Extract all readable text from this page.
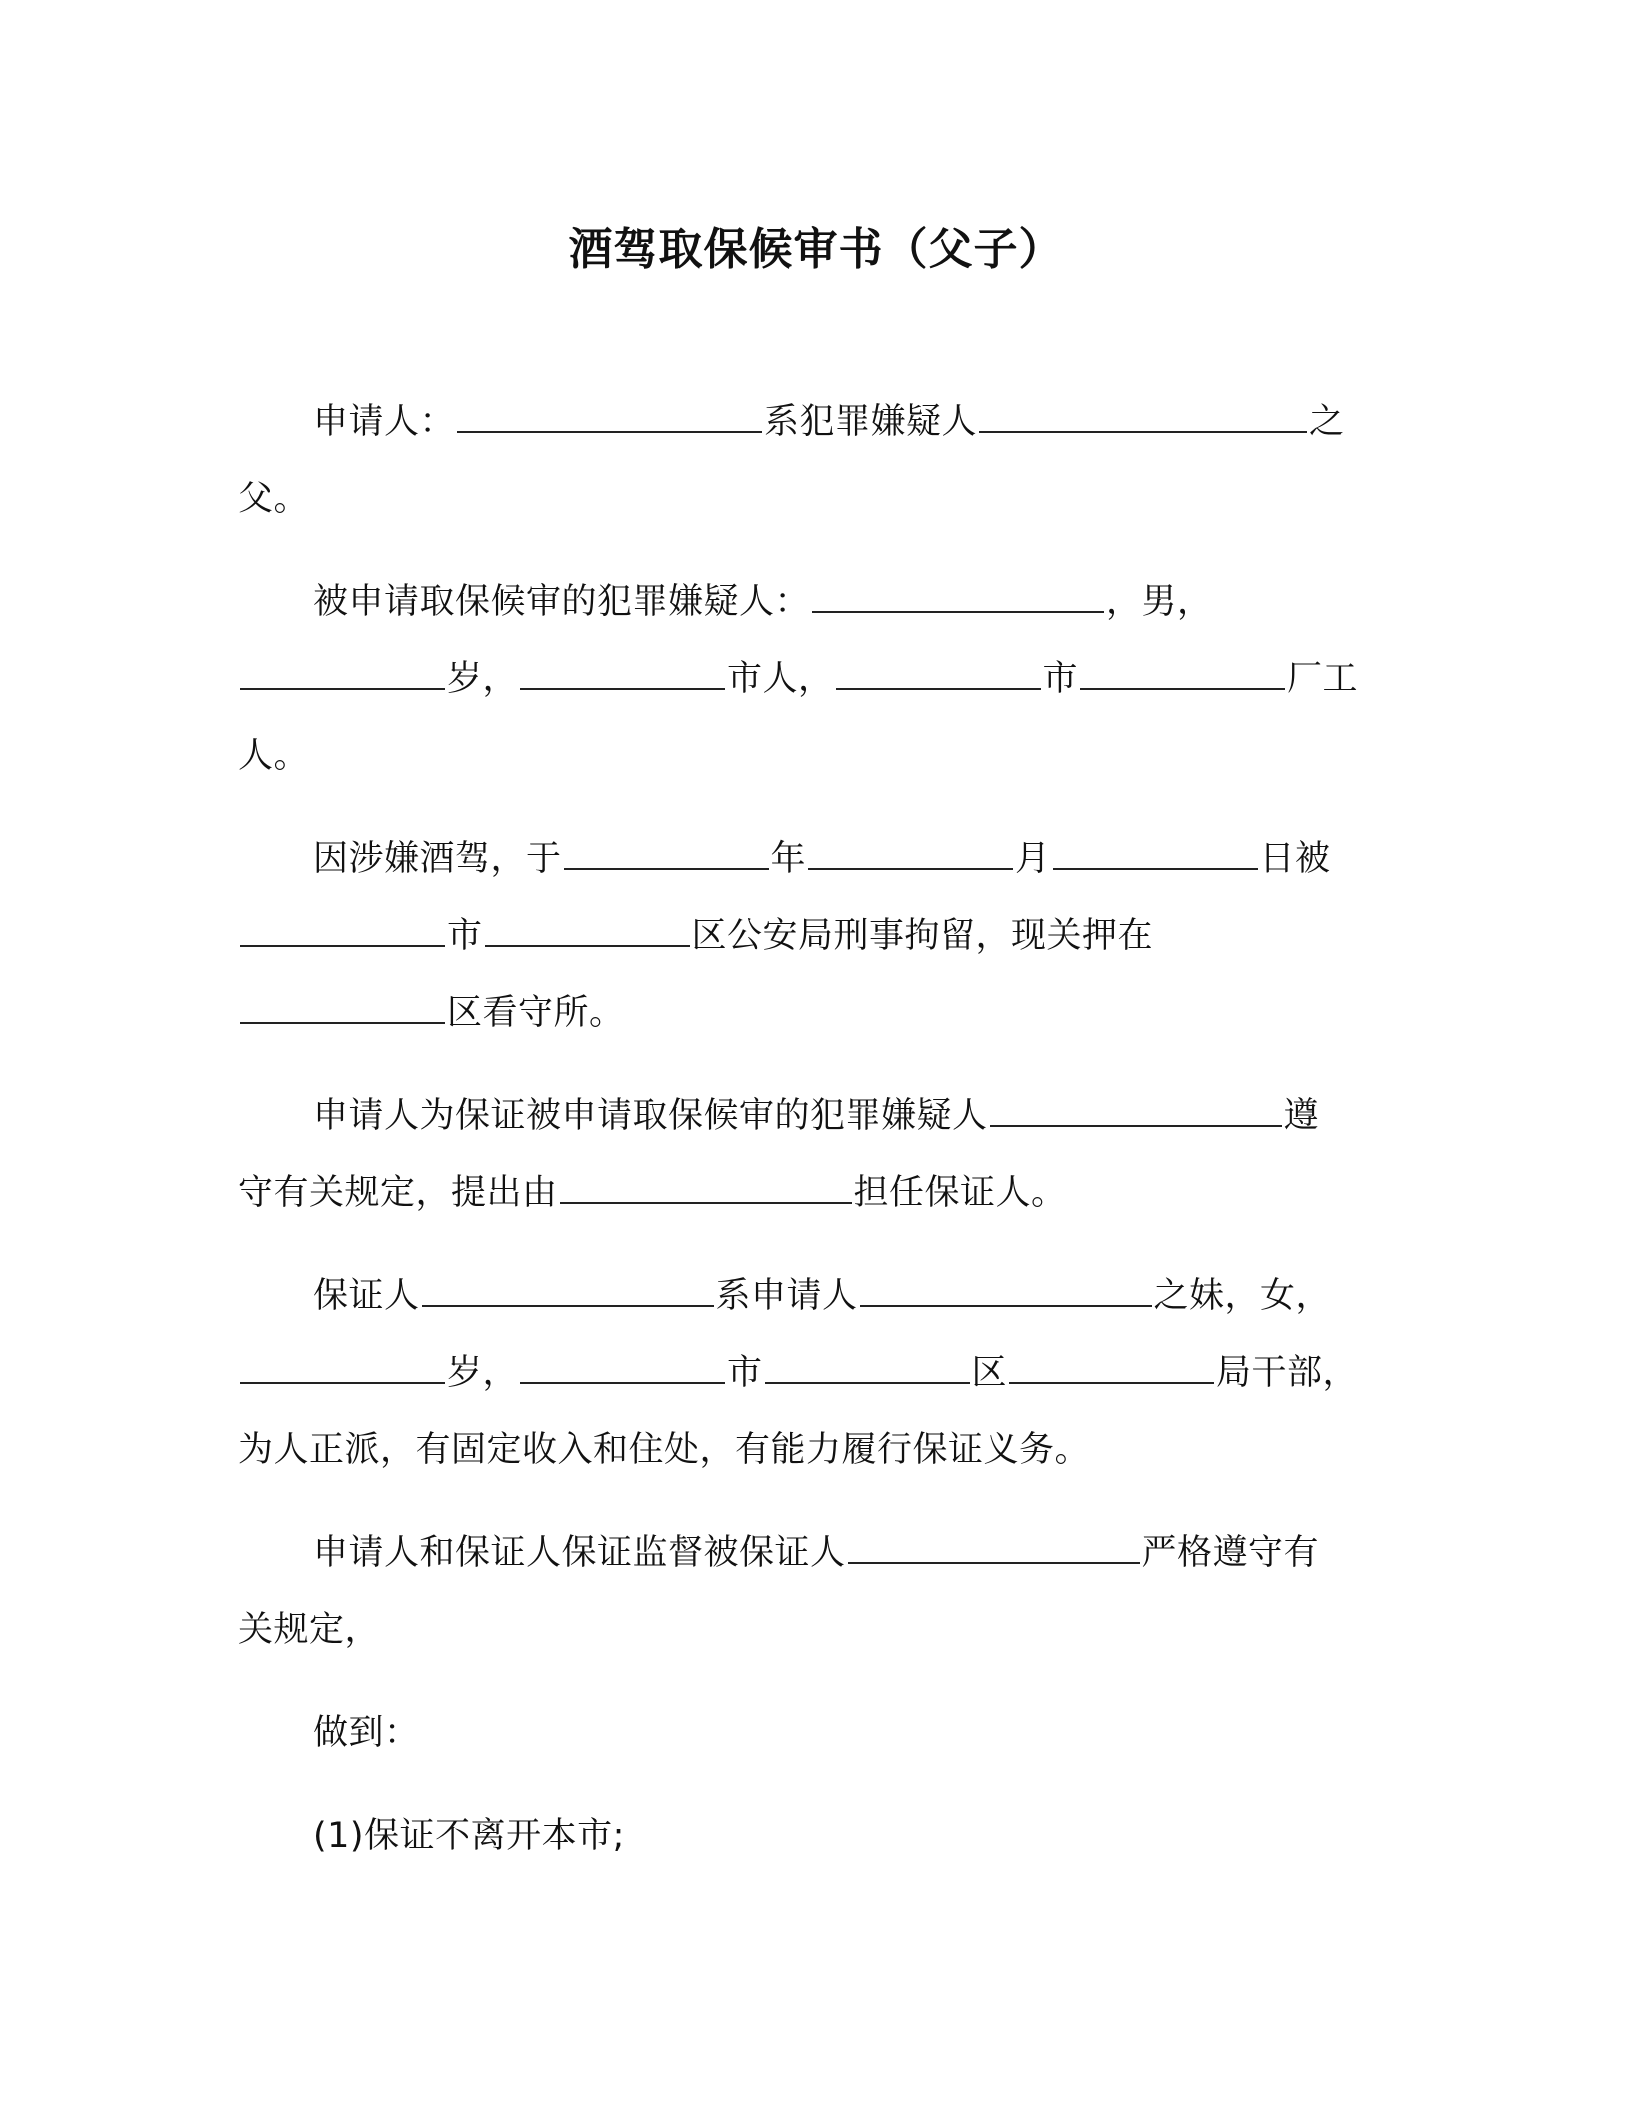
酒驾取保候审书（父子）
申请人：	系犯罪嫌疑人	之
父。
被申请取保候审的犯罪嫌疑人：	，男，
岁，	市人，	市	厂工
人。
因涉嫌酒驾，于	年	月	日被
市	区公安局刑事拘留，现关押在
区看守所。
申请人为保证被申请取保候审的犯罪嫌疑人	遵
守有关规定，提出由	担任保证人。
保证人	系申请人	之妹，女，
岁，	市	区	局干部，
为人正派，有固定收入和住处，有能力履行保证义务。
申请人和保证人保证监督被保证人	严格遵守有
关规定，
做到：
(1)保证不离开本市;
